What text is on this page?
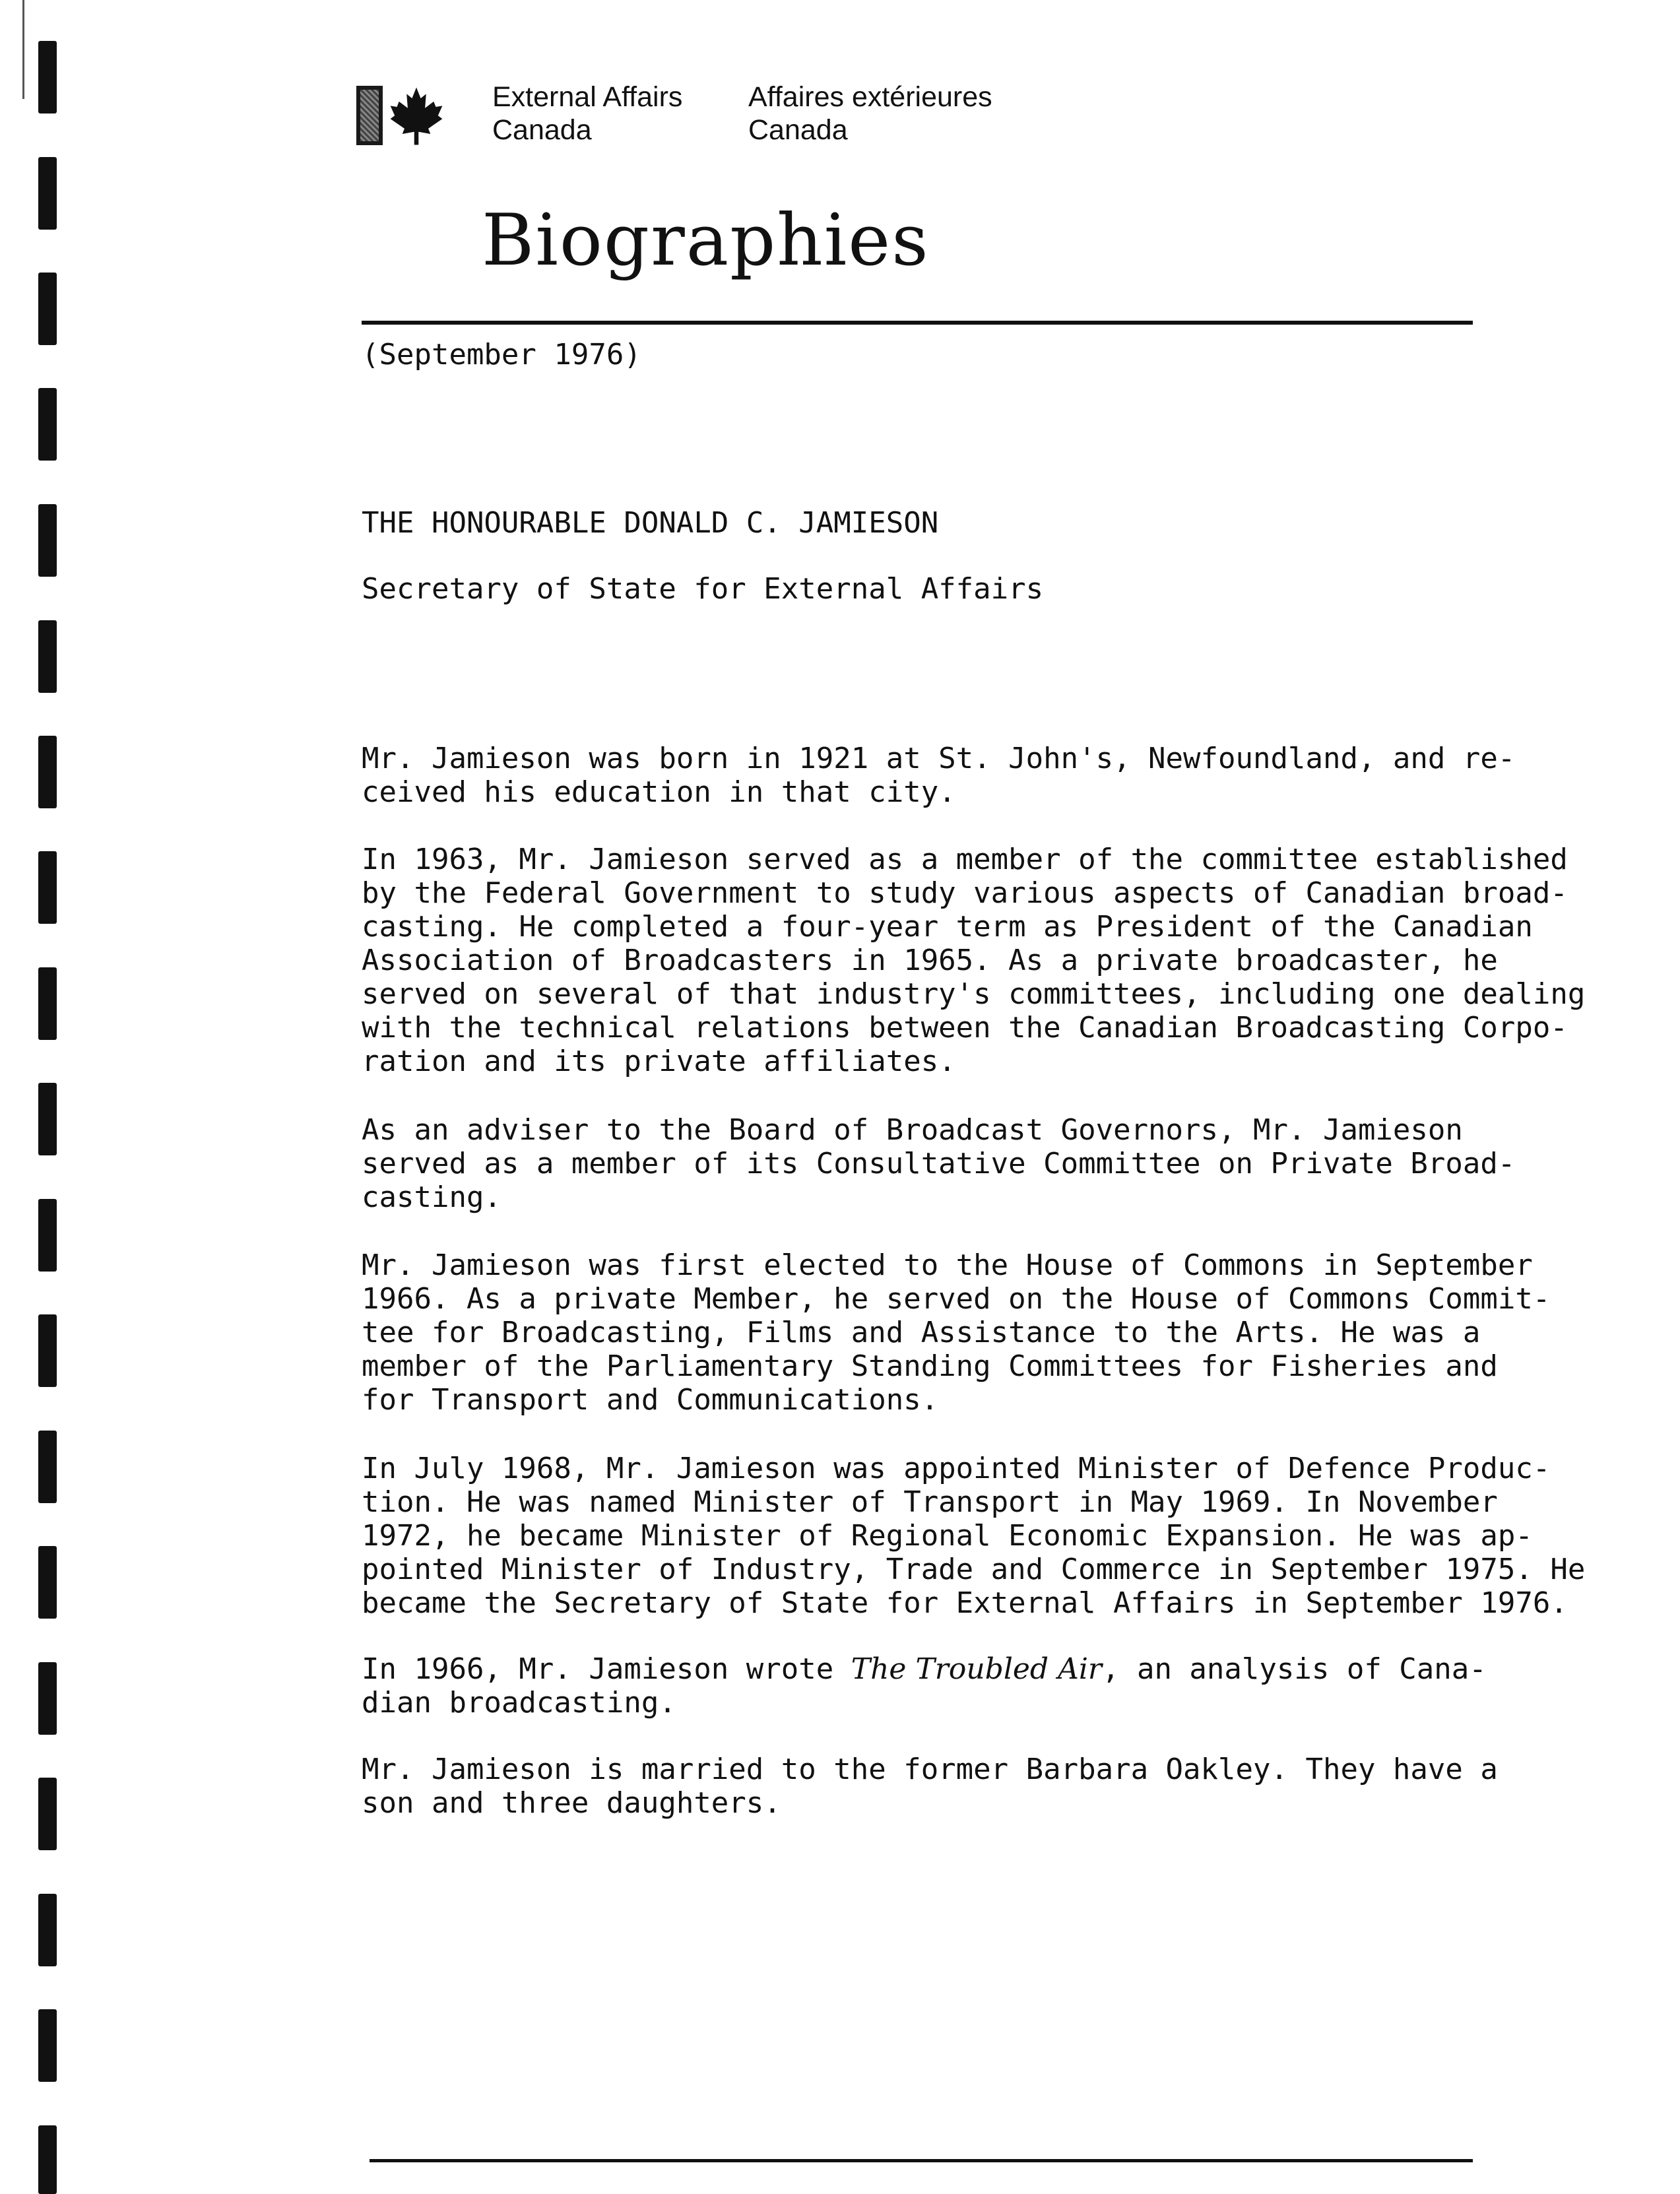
External Affairs
Canada
Affaires extérieures
Canada
Biographies
(September 1976)
THE HONOURABLE DONALD C. JAMIESON
Secretary of State for External Affairs
Mr. Jamieson was born in 1921 at St. John's, Newfoundland, and re-
ceived his education in that city.
In 1963, Mr. Jamieson served as a member of the committee established
by the Federal Government to study various aspects of Canadian broad-
casting. He completed a four-year term as President of the Canadian
Association of Broadcasters in 1965. As a private broadcaster, he
served on several of that industry's committees, including one dealing
with the technical relations between the Canadian Broadcasting Corpo-
ration and its private affiliates.
As an adviser to the Board of Broadcast Governors, Mr. Jamieson
served as a member of its Consultative Committee on Private Broad-
casting.
Mr. Jamieson was first elected to the House of Commons in September
1966. As a private Member, he served on the House of Commons Commit-
tee for Broadcasting, Films and Assistance to the Arts. He was a
member of the Parliamentary Standing Committees for Fisheries and
for Transport and Communications.
In July 1968, Mr. Jamieson was appointed Minister of Defence Produc-
tion. He was named Minister of Transport in May 1969. In November
1972, he became Minister of Regional Economic Expansion. He was ap-
pointed Minister of Industry, Trade and Commerce in September 1975. He
became the Secretary of State for External Affairs in September 1976.
In 1966, Mr. Jamieson wrote The Troubled Air, an analysis of Cana-
dian broadcasting.
Mr. Jamieson is married to the former Barbara Oakley. They have a
son and three daughters.
